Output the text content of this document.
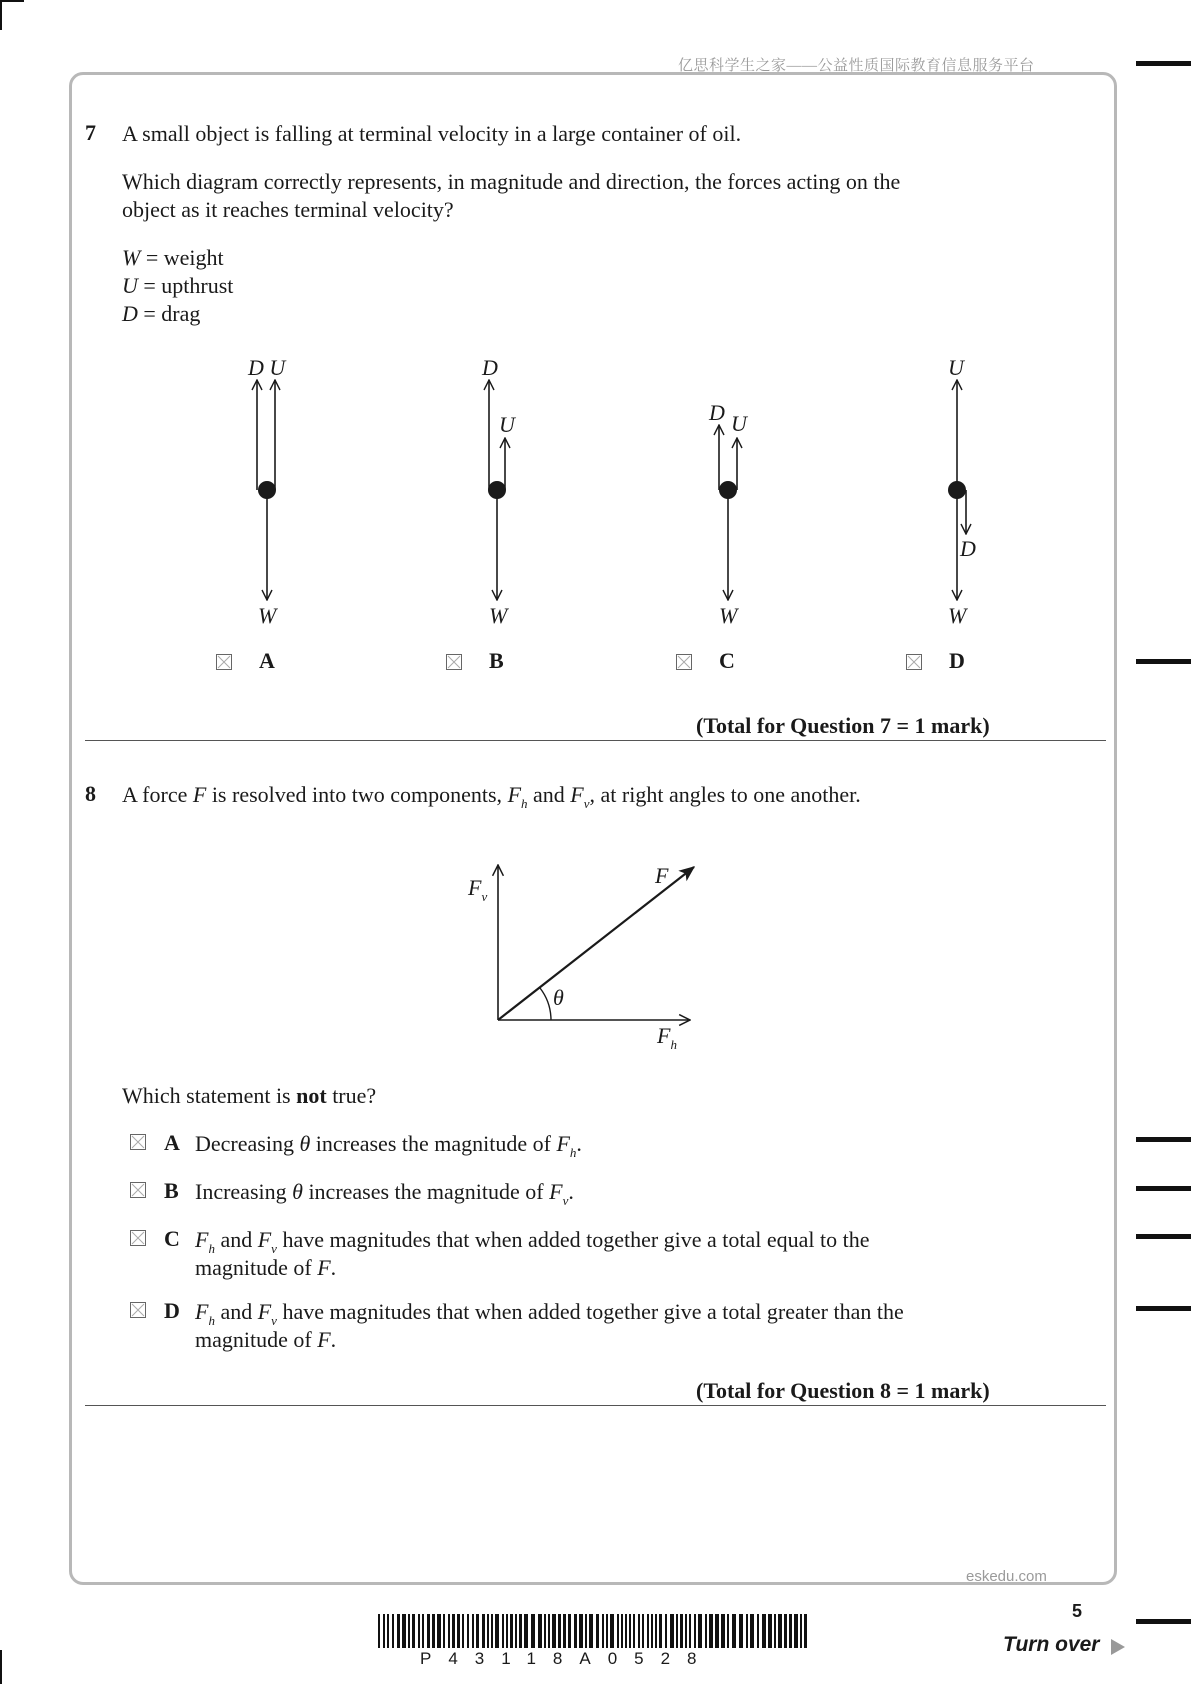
亿思科学生之家——公益性质国际教育信息服务平台
7 A small object is falling at terminal velocity in a large container of oil.
Which diagram correctly represents, in magnitude and direction, the forces acting on the
object as it reaches terminal velocity?
W = weight
U = upthrust
D = drag
D U
W
D
U
W
D U
W
U
D
W
A	B	C	D
(Total for Question 7 = 1 mark)
8 A force F is resolved into two components, $F_h$ and $F_v$, at right angles to one another.
F
$F_v$
θ
$F_h$
Which statement is not true?
A Decreasing θ increases the magnitude of $F_h$.
B Increasing θ increases the magnitude of $F_v$.
C $F_h$ and $F_v$ have magnitudes that when added together give a total equal to the
magnitude of F.
D $F_h$ and $F_v$ have magnitudes that when added together give a total greater than the
magnitude of F.
(Total for Question 8 = 1 mark)
eskedu.com
5
P43118A0528
Turn over
